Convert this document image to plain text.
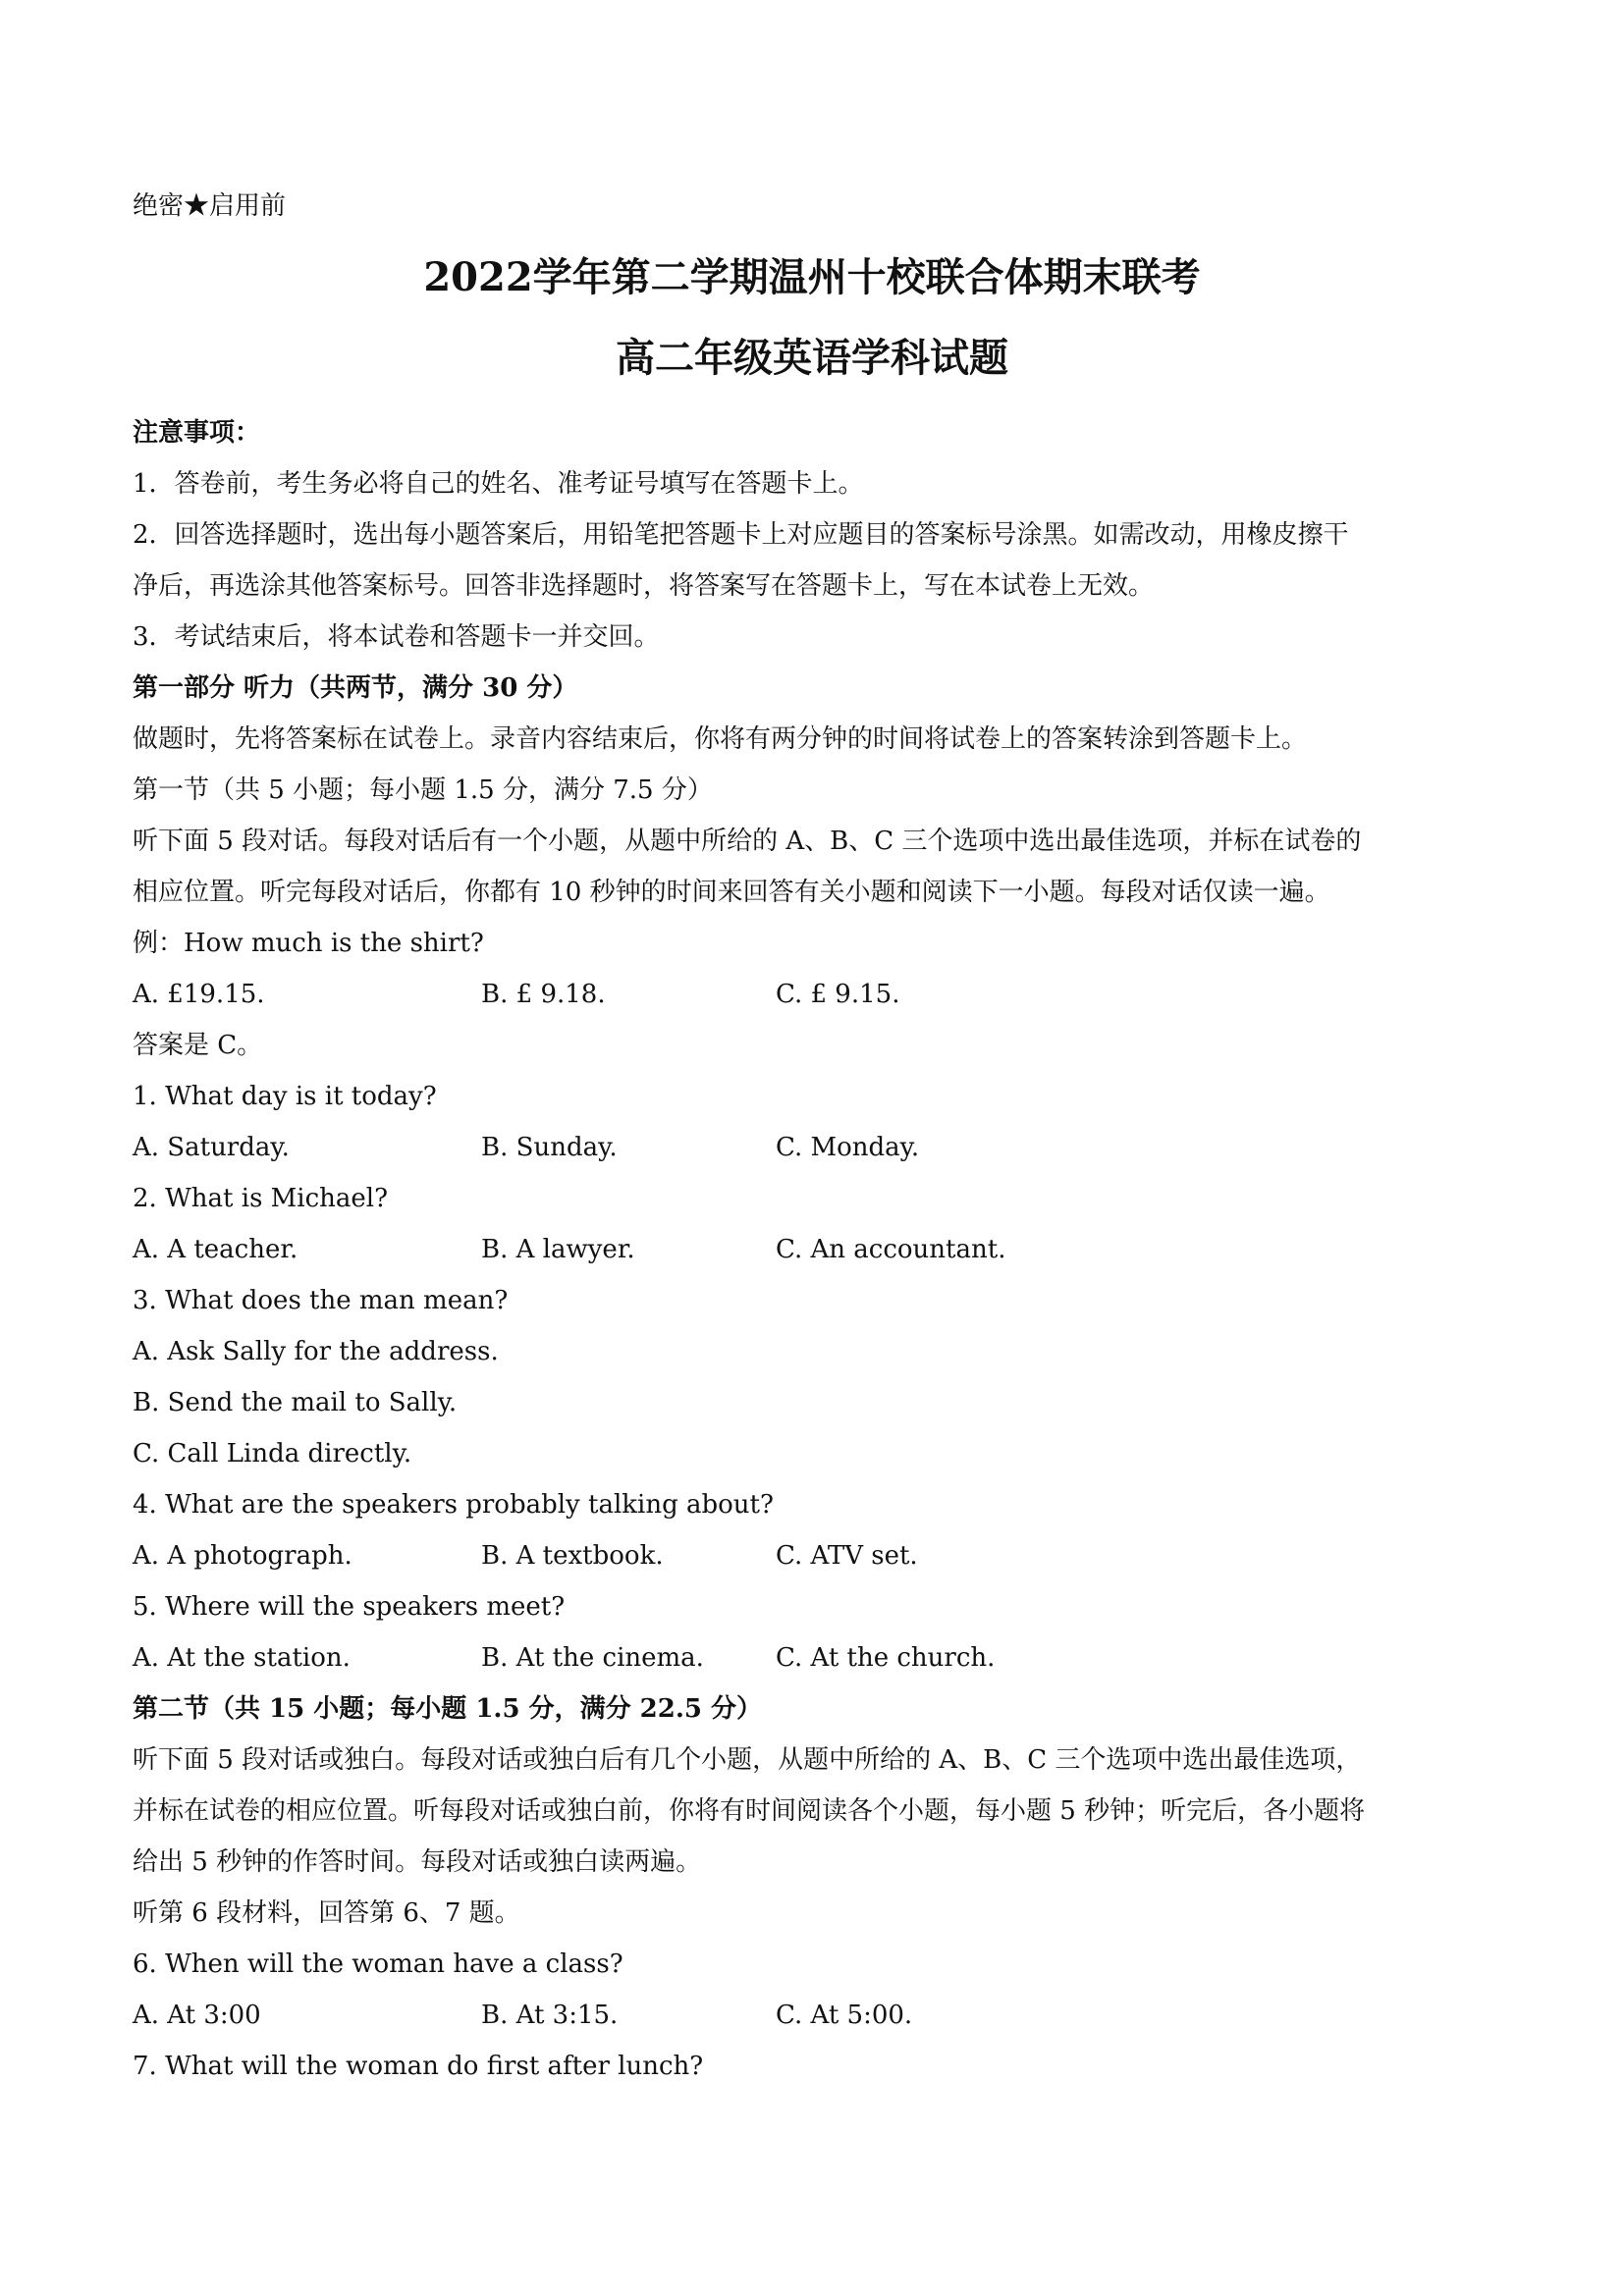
绝密★启用前
2022学年第二学期温州十校联合体期末联考
高二年级英语学科试题
注意事项：
1．答卷前，考生务必将自己的姓名、准考证号填写在答题卡上。
2．回答选择题时，选出每小题答案后，用铅笔把答题卡上对应题目的答案标号涂黑。如需改动，用橡皮擦干
净后，再选涂其他答案标号。回答非选择题时，将答案写在答题卡上，写在本试卷上无效。
3．考试结束后，将本试卷和答题卡一并交回。
第一部分 听力（共两节，满分 30 分）
做题时，先将答案标在试卷上。录音内容结束后，你将有两分钟的时间将试卷上的答案转涂到答题卡上。
第一节（共 5 小题；每小题 1.5 分，满分 7.5 分）
听下面 5 段对话。每段对话后有一个小题，从题中所给的 A、B、C 三个选项中选出最佳选项，并标在试卷的
相应位置。听完每段对话后，你都有 10 秒钟的时间来回答有关小题和阅读下一小题。每段对话仅读一遍。
例：How much is the shirt?
A. £19.15.	B. £ 9.18.	C. £ 9.15.
答案是 C。
1. What day is it today?
A. Saturday.	B. Sunday.	C. Monday.
2. What is Michael?
A. A teacher.	B. A lawyer.	C. An accountant.
3. What does the man mean?
A. Ask Sally for the address.
B. Send the mail to Sally.
C. Call Linda directly.
4. What are the speakers probably talking about?
A. A photograph.	B. A textbook.	C. ATV set.
5. Where will the speakers meet?
A. At the station.	B. At the cinema.	C. At the church.
第二节（共 15 小题；每小题 1.5 分，满分 22.5 分）
听下面 5 段对话或独白。每段对话或独白后有几个小题，从题中所给的 A、B、C 三个选项中选出最佳选项，
并标在试卷的相应位置。听每段对话或独白前，你将有时间阅读各个小题，每小题 5 秒钟；听完后，各小题将
给出 5 秒钟的作答时间。每段对话或独白读两遍。
听第 6 段材料，回答第 6、7 题。
6. When will the woman have a class?
A. At 3:00	B. At 3:15.	C. At 5:00.
7. What will the woman do first after lunch?
